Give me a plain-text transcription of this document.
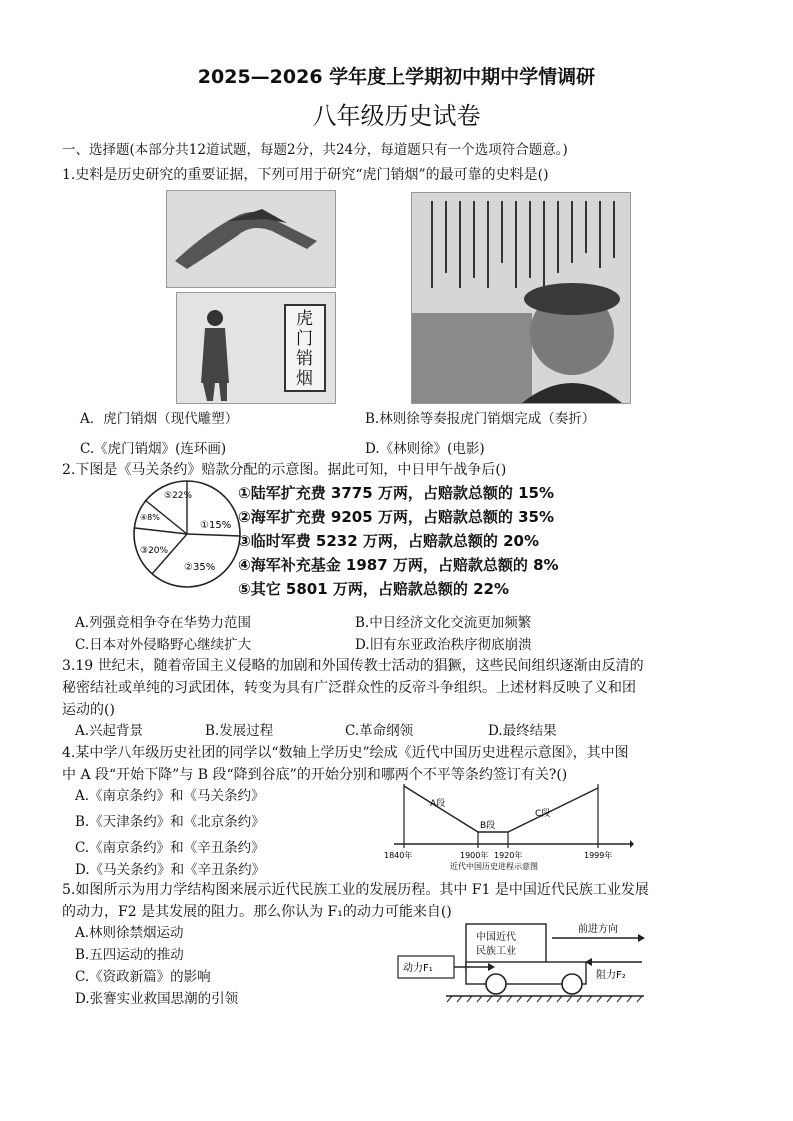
2025—2026 学年度上学期初中期中学情调研
八年级历史试卷
一、选择题(本部分共12道试题，每题2分，共24分，每道题只有一个选项符合题意。)
1.史料是历史研究的重要证据，下列可用于研究“虎门销烟”的最可靠的史料是()
虎门销烟
A．虎门销烟（现代雕塑）	B.林则徐等奏报虎门销烟完成（奏折）
C.《虎门销烟》(连环画)	D.《林则徐》(电影)
2.下图是《马关条约》赔款分配的示意图。据此可知，中日甲午战争后()
①15%
②35%
③20%
④8%
⑤22%	①陆军扩充费 3775 万两，占赔款总额的 15%
②海军扩充费 9205 万两，占赔款总额的 35%
③临时军费 5232 万两，占赔款总额的 20%
④海军补充基金 1987 万两，占赔款总额的 8%
⑤其它 5801 万两，占赔款总额的 22%
A.列强竞相争夺在华势力范围	B.中日经济文化交流更加频繁
C.日本对外侵略野心继续扩大	D.旧有东亚政治秩序彻底崩溃
3.19 世纪末，随着帝国主义侵略的加剧和外国传教士活动的猖獗，这些民间组织逐渐由反清的
秘密结社或单纯的习武团体，转变为具有广泛群众性的反帝斗争组织。上述材料反映了义和团
运动的()
A.兴起背景	B.发展过程	C.革命纲领	D.最终结果
4.某中学八年级历史社团的同学以“数轴上学历史”绘成《近代中国历史进程示意图》，其中图
中 A 段“开始下降”与 B 段“降到谷底”的开始分别和哪两个不平等条约签订有关?()
A.《南京条约》和《马关条约》
B.《天津条约》和《北京条约》
C.《南京条约》和《辛丑条约》
D.《马关条约》和《辛丑条约》
A段
B段
C段
1840年	1900年 1920年	1999年
近代中国历史进程示意图
5.如图所示为用力学结构图来展示近代民族工业的发展历程。其中 F1 是中国近代民族工业发展
的动力，F2 是其发展的阻力。那么你认为 F₁的动力可能来自()
A.林则徐禁烟运动
B.五四运动的推动
C.《资政新篇》的影响
D.张謇实业救国思潮的引领
中国近代
民族工业
前进方向
动力F₁
阻力F₂
